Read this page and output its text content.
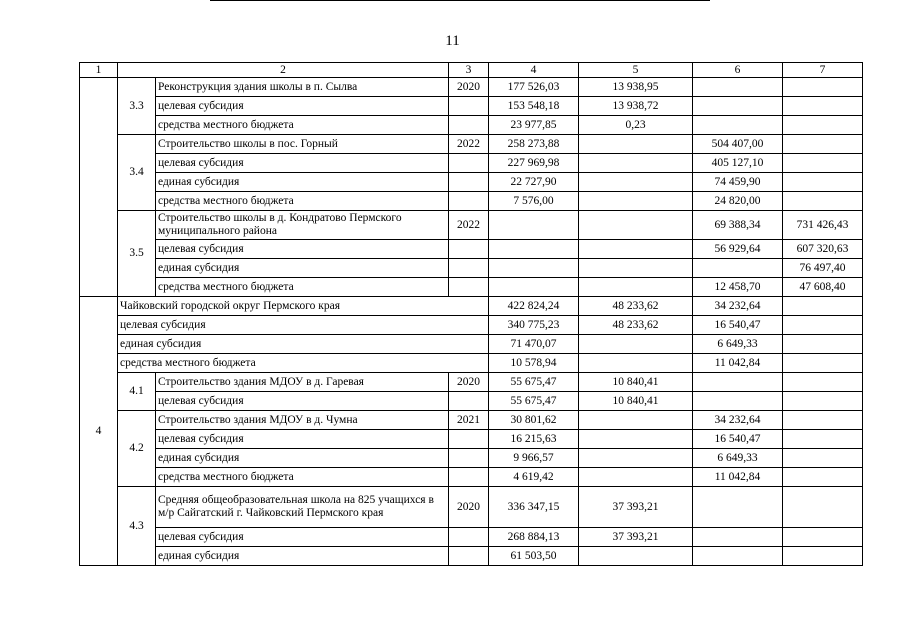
11
1	2		3	4	5	6	7
	3.3	Реконструкция здания школы в п. Сылва	2020	177 526,03	13 938,95		
		целевая субсидия		153 548,18	13 938,72		
		средства местного бюджета		23 977,85	0,23		
	3.4	Строительство школы в пос. Горный	2022	258 273,88		504 407,00	
		целевая субсидия		227 969,98		405 127,10	
		единая субсидия		22 727,90		74 459,90	
		средства местного бюджета		7 576,00		24 820,00	
	3.5	Строительство школы в д. Кондратово Пермского муниципального района	2022			69 388,34	731 426,43
		целевая субсидия				56 929,64	607 320,63
		единая субсидия					76 497,40
		средства местного бюджета				12 458,70	47 608,40
4	Чайковский городской округ Пермского края			422 824,24	48 233,62	34 232,64	
	целевая субсидия			340 775,23	48 233,62	16 540,47	
	единая субсидия			71 470,07		6 649,33	
	средства местного бюджета			10 578,94		11 042,84	
	4.1	Строительство здания МДОУ в д. Гаревая	2020	55 675,47	10 840,41		
		целевая субсидия		55 675,47	10 840,41		
	4.2	Строительство здания МДОУ в д. Чумна	2021	30 801,62		34 232,64	
		целевая субсидия		16 215,63		16 540,47	
		единая субсидия		9 966,57		6 649,33	
		средства местного бюджета		4 619,42		11 042,84	
	4.3	Средняя общеобразовательная школа на 825 учащихся в м/р Сайгатский г. Чайковский Пермского края	2020	336 347,15	37 393,21		
		целевая субсидия		268 884,13	37 393,21		
		единая субсидия		61 503,50			
